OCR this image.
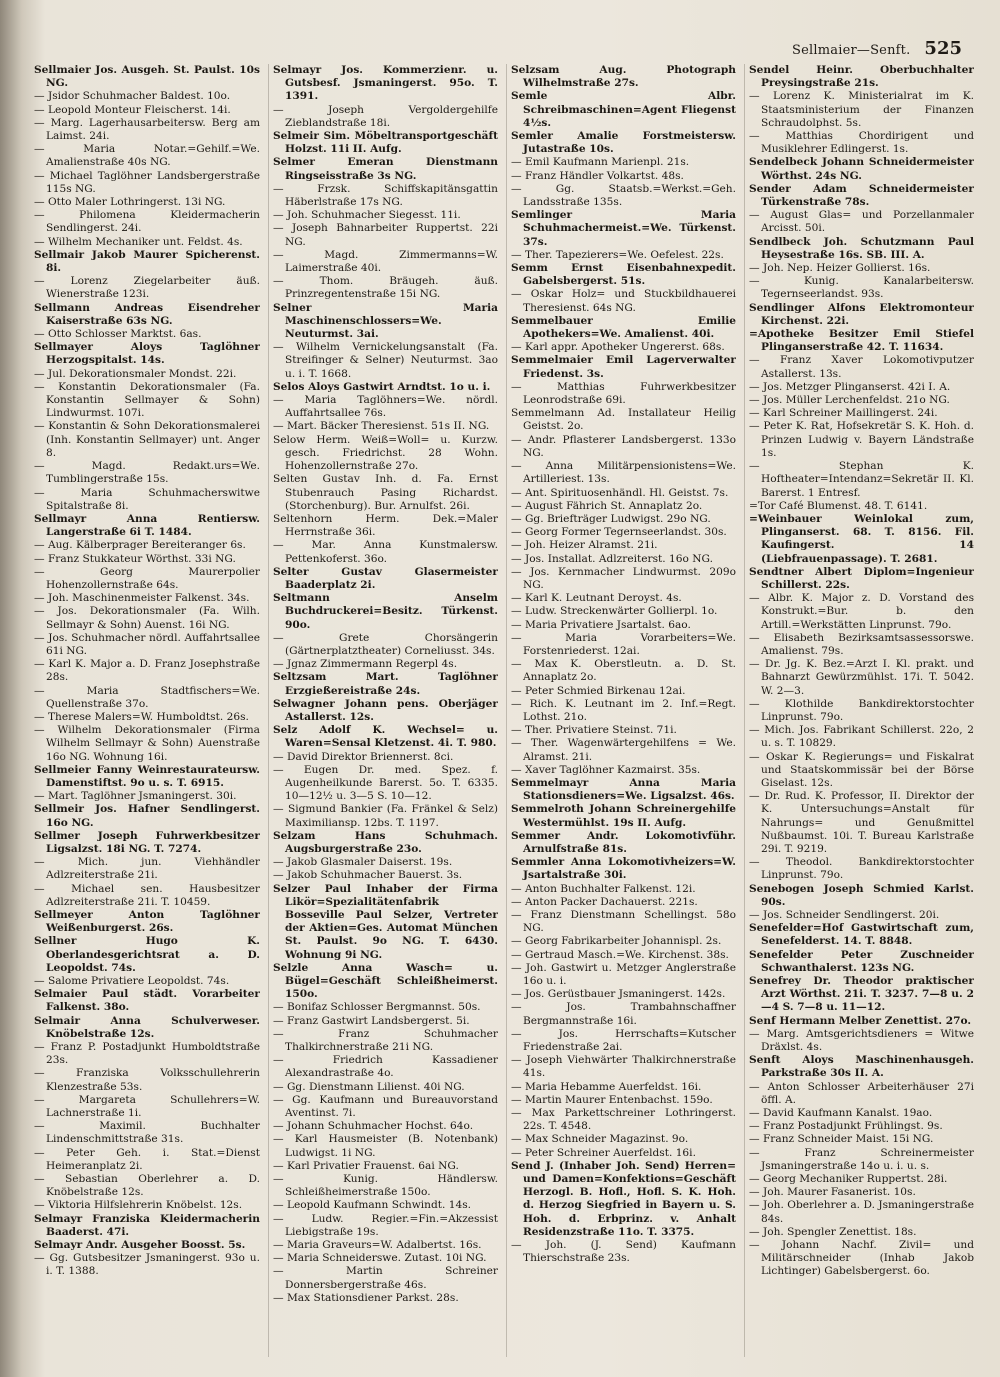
Sellmaier—Senft. 525

Sellmaier Jos. Ausgeh. St. Paulst. 10s NG.

— Jsidor Schuhmacher Baldest. 10o.

— Leopold Monteur Fleischerst. 14i.

— Marg. Lagerhausarbeitersw. Berg am Laimst. 24i.

— Maria Notar.=Gehilf.=We. Amalienstraße 40s NG.

— Michael Taglöhner Landsbergerstraße 115s NG.

— Otto Maler Lothringerst. 13i NG.

— Philomena Kleidermacherin Sendlingerst. 24i.

— Wilhelm Mechaniker unt. Feldst. 4s.

Sellmair Jakob Maurer Spicherenst. 8i.

— Lorenz Ziegelarbeiter äuß. Wienerstraße 123i.

Sellmann Andreas Eisendreher Kaiserstraße 63s NG.

— Otto Schlosser Marktst. 6as.

Sellmayer Aloys Taglöhner Herzogspitalst. 14s.

— Jul. Dekorationsmaler Mondst. 22i.

— Konstantin Dekorationsmaler (Fa. Konstantin Sellmayer & Sohn) Lindwurmst. 107i.

— Konstantin & Sohn Dekorationsmalerei (Inh. Konstantin Sellmayer) unt. Anger 8.

— Magd. Redakt.urs=We. Tumblingerstraße 15s.

— Maria Schuhmacherswitwe Spitalstraße 8i.

Sellmayr Anna Rentiersw. Langerstraße 6i T. 1484.

— Aug. Kälberprager Bereiteranger 6s.

— Franz Stukkateur Wörthst. 33i NG.

— Georg Maurerpolier Hohenzollernstraße 64s.

— Joh. Maschinenmeister Falkenst. 34s.

— Jos. Dekorationsmaler (Fa. Wilh. Sellmayr & Sohn) Auenst. 16i NG.

— Jos. Schuhmacher nördl. Auffahrtsallee 61i NG.

— Karl K. Major a. D. Franz Josephstraße 28s.

— Maria Stadtfischers=We. Quellenstraße 37o.

— Therese Malers=W. Humboldtst. 26s.

— Wilhelm Dekorationsmaler (Firma Wilhelm Sellmayr & Sohn) Auenstraße 16o NG. Wohnung 16i.

Sellmeier Fanny Weinrestaurateursw. Damenstiftst. 9o u. s. T. 6915.

— Mart. Taglöhner Jsmaningerst. 30i.

Sellmeir Jos. Hafner Sendlingerst. 16o NG.

Sellmer Joseph Fuhrwerkbesitzer Ligsalzst. 18i NG. T. 7274.

— Mich. jun. Viehhändler Adlzreiterstraße 21i.

— Michael sen. Hausbesitzer Adlzreiterstraße 21i. T. 10459.

Sellmeyer Anton Taglöhner Weißenburgerst. 26s.

Sellner Hugo K. Oberlandesgerichtsrat a. D. Leopoldst. 74s.

— Salome Privatiere Leopoldst. 74s.

Selmaier Paul städt. Vorarbeiter Falkenst. 38o.

Selmair Anna Schulverweser. Knöbelstraße 12s.

— Franz P. Postadjunkt Humboldtstraße 23s.

— Franziska Volksschullehrerin Klenzestraße 53s.

— Margareta Schullehrers=W. Lachnerstraße 1i.

— Maximil. Buchhalter Lindenschmittstraße 31s.

— Peter Geh. i. Stat.=Dienst Heimeranplatz 2i.

— Sebastian Oberlehrer a. D. Knöbelstraße 12s.

— Viktoria Hilfslehrerin Knöbelst. 12s.

Selmayr Franziska Kleidermacherin Baaderst. 47i.

Selmayr Andr. Ausgeher Boosst. 5s.

— Gg. Gutsbesitzer Jsmaningerst. 93o u. i. T. 1388.

Selmayr Jos. Kommerzienr. u. Gutsbesf. Jsmaningerst. 95o. T. 1391.

— Joseph Vergoldergehilfe Zieblandstraße 18i.

Selmeir Sim. Möbeltransportgeschäft Holzst. 11i II. Aufg.

Selmer Emeran Dienstmann Ringseisstraße 3s NG.

— Frzsk. Schiffskapitänsgattin Häberlstraße 17s NG.

— Joh. Schuhmacher Siegesst. 11i.

— Joseph Bahnarbeiter Ruppertst. 22i NG.

— Magd. Zimmermanns=W. Laimerstraße 40i.

— Thom. Bräugeh. äuß. Prinzregentenstraße 15i NG.

Selner Maria Maschinenschlossers=We. Neuturmst. 3ai.

— Wilhelm Vernickelungsanstalt (Fa. Streifinger & Selner) Neuturmst. 3ao u. i. T. 1668.

Selos Aloys Gastwirt Arndtst. 1o u. i.

— Maria Taglöhners=We. nördl. Auffahrtsallee 76s.

— Mart. Bäcker Theresienst. 51s II. NG.

Selow Herm. Weiß=Woll= u. Kurzw. gesch. Friedrichst. 28 Wohn. Hohenzollernstraße 27o.

Selten Gustav Inh. d. Fa. Ernst Stubenrauch Pasing Richardst. (Storchenburg). Bur. Arnulfst. 26i.

Seltenhorn Herm. Dek.=Maler Herrnstraße 36i.

— Mar. Anna Kunstmalersw. Pettenkoferst. 36o.

Selter Gustav Glasermeister Baaderplatz 2i.

Seltmann Anselm Buchdruckerei=Besitz. Türkenst. 90o.

— Grete Chorsängerin (Gärtnerplatztheater) Corneliusst. 34s.

— Jgnaz Zimmermann Regerpl 4s.

Seltzsam Mart. Taglöhner Erzgießereistraße 24s.

Selwagner Johann pens. Oberjäger Astallerst. 12s.

Selz Adolf K. Wechsel= u. Waren=Sensal Kletzenst. 4i. T. 980.

— David Direktor Briennerst. 8ci.

— Eugen Dr. med. Spez. f. Augenheilkunde Barerst. 5o. T. 6335. 10—12½ u. 3—5 S. 10—12.

— Sigmund Bankier (Fa. Fränkel & Selz) Maximiliansp. 12bs. T. 1197.

Selzam Hans Schuhmach. Augsburgerstraße 23o.

— Jakob Glasmaler Daiserst. 19s.

— Jakob Schuhmacher Bauerst. 3s.

Selzer Paul Inhaber der Firma Likör=Spezialitätenfabrik Bosseville Paul Selzer, Vertreter der Aktien=Ges. Automat München St. Paulst. 9o NG. T. 6430. Wohnung 9i NG.

Selzle Anna Wasch= u. Bügel=Geschäft Schleißheimerst. 150o.

— Bonifaz Schlosser Bergmannst. 50s.

— Franz Gastwirt Landsbergerst. 5i.

— Franz Schuhmacher Thalkirchnerstraße 21i NG.

— Friedrich Kassadiener Alexandrastraße 4o.

— Gg. Dienstmann Lilienst. 40i NG.

— Gg. Kaufmann und Bureauvorstand Aventinst. 7i.

— Johann Schuhmacher Hochst. 64o.

— Karl Hausmeister (B. Notenbank) Ludwigst. 1i NG.

— Karl Privatier Frauenst. 6ai NG.

— Kunig. Händlersw. Schleißheimerstraße 150o.

— Leopold Kaufmann Schwindt. 14s.

— Ludw. Regier.=Fin.=Akzessist Liebigstraße 19s.

— Maria Graveurs=W. Adalbertst. 16s.

— Maria Schneiderswe. Zutast. 10i NG.

— Martin Schreiner Donnersbergerstraße 46s.

— Max Stationsdiener Parkst. 28s.

Selzsam Aug. Photograph Wilhelmstraße 27s.

Semle Albr. Schreibmaschinen=Agent Fliegenst 4½s.

Semler Amalie Forstmeistersw. Jutastraße 10s.

— Emil Kaufmann Marienpl. 21s.

— Franz Händler Volkartst. 48s.

— Gg. Staatsb.=Werkst.=Geh. Landsstraße 135s.

Semlinger Maria Schuhmachermeist.=We. Türkenst. 37s.

— Ther. Tapezierers=We. Oefelest. 22s.

Semm Ernst Eisenbahnexpedit. Gabelsbergerst. 51s.

— Oskar Holz= und Stuckbildhauerei Theresienst. 64s NG.

Semmelbauer Emilie Apothekers=We. Amalienst. 40i.

— Karl appr. Apotheker Ungererst. 68s.

Semmelmaier Emil Lagerverwalter Friedenst. 3s.

— Matthias Fuhrwerkbesitzer Leonrodstraße 69i.

Semmelmann Ad. Installateur Heilig Geistst. 2o.

— Andr. Pflasterer Landsbergerst. 133o NG.

— Anna Militärpensionistens=We. Artilleriest. 13s.

— Ant. Spirituosenhändl. Hl. Geistst. 7s.

— August Fährich St. Annaplatz 2o.

— Gg. Briefträger Ludwigst. 29o NG.

— Georg Former Tegernseerlandst. 30s.

— Joh. Heizer Alramst. 21i.

— Jos. Installat. Adlzreiterst. 16o NG.

— Jos. Kernmacher Lindwurmst. 209o NG.

— Karl K. Leutnant Deroyst. 4s.

— Ludw. Streckenwärter Gollierpl. 1o.

— Maria Privatiere Jsartalst. 6ao.

— Maria Vorarbeiters=We. Forstenriederst. 12ai.

— Max K. Oberstleutn. a. D. St. Annaplatz 2o.

— Peter Schmied Birkenau 12ai.

— Rich. K. Leutnant im 2. Inf.=Regt. Lothst. 21o.

— Ther. Privatiere Steinst. 71i.

— Ther. Wagenwärtergehilfens = We. Alramst. 21i.

— Xaver Taglöhner Kazmairst. 35s.

Semmelmayr Anna Maria Stationsdieners=We. Ligsalzst. 46s.

Semmelroth Johann Schreinergehilfe Westermühlst. 19s II. Aufg.

Semmer Andr. Lokomotivführ. Arnulfstraße 81s.

Semmler Anna Lokomotivheizers=W. Jsartalstraße 30i.

— Anton Buchhalter Falkenst. 12i.

— Anton Packer Dachauerst. 221s.

— Franz Dienstmann Schellingst. 58o NG.

— Georg Fabrikarbeiter Johannispl. 2s.

— Gertraud Masch.=We. Kirchenst. 38s.

— Joh. Gastwirt u. Metzger Anglerstraße 16o u. i.

— Jos. Gerüstbauer Jsmaningerst. 142s.

— Jos. Trambahnschaffner Bergmannstraße 16i.

— Jos. Herrschafts=Kutscher Friedenstraße 2ai.

— Joseph Viehwärter Thalkirchnerstraße 41s.

— Maria Hebamme Auerfeldst. 16i.

— Martin Maurer Entenbachst. 159o.

— Max Parkettschreiner Lothringerst. 22s. T. 4548.

— Max Schneider Magazinst. 9o.

— Peter Schreiner Auerfeldst. 16i.

Send J. (Inhaber Joh. Send) Herren= und Damen=Konfektions=Geschäft Herzogl. B. Hofl., Hofl. S. K. Hoh. d. Herzog Siegfried in Bayern u. S. Hoh. d. Erbprinz. v. Anhalt Residenzstraße 11o. T. 3375.

— Joh. (J. Send) Kaufmann Thierschstraße 23s.

Sendel Heinr. Oberbuchhalter Preysingstraße 21s.

— Lorenz K. Ministerialrat im K. Staatsministerium der Finanzen Schraudolphst. 5s.

— Matthias Chordirigent und Musiklehrer Edlingerst. 1s.

Sendelbeck Johann Schneidermeister Wörthst. 24s NG.

Sender Adam Schneidermeister Türkenstraße 78s.

— August Glas= und Porzellanmaler Arcisst. 50i.

Sendlbeck Joh. Schutzmann Paul Heysestraße 16s. SB. III. A.

— Joh. Nep. Heizer Gollierst. 16s.

— Kunig. Kanalarbeitersw. Tegernseerlandst. 93s.

Sendlinger Alfons Elektromonteur Kirchenst. 22i.

=Apotheke Besitzer Emil Stiefel Plinganserstraße 42. T. 11634.

— Franz Xaver Lokomotivputzer Astallerst. 13s.

— Jos. Metzger Plinganserst. 42i I. A.

— Jos. Müller Lerchenfeldst. 21o NG.

— Karl Schreiner Maillingerst. 24i.

— Peter K. Rat, Hofsekretär S. K. Hoh. d. Prinzen Ludwig v. Bayern Ländstraße 1s.

— Stephan K. Hoftheater=Intendanz=Sekretär II. Kl. Barerst. 1 Entresf.

=Tor Café Blumenst. 48. T. 6141.

=Weinbauer Weinlokal zum, Plinganserst. 68. T. 8156. Fil. Kaufingerst. 14 (Liebfrauenpassage). T. 2681.

Sendtner Albert Diplom=Ingenieur Schillerst. 22s.

— Albr. K. Major z. D. Vorstand des Konstrukt.=Bur. b. den Artill.=Werkstätten Linprunst. 79o.

— Elisabeth Bezirksamtsassessorswe. Amalienst. 79s.

— Dr. Jg. K. Bez.=Arzt I. Kl. prakt. und Bahnarzt Gewürzmühlst. 17i. T. 5042. W. 2—3.

— Klothilde Bankdirektorstochter Linprunst. 79o.

— Mich. Jos. Fabrikant Schillerst. 22o, 2 u. s. T. 10829.

— Oskar K. Regierungs= und Fiskalrat und Staatskommissär bei der Börse Giselast. 12s.

— Dr. Rud. K. Professor, II. Direktor der K. Untersuchungs=Anstalt für Nahrungs= und Genußmittel Nußbaumst. 10i. T. Bureau Karlstraße 29i. T. 9219.

— Theodol. Bankdirektorstochter Linprunst. 79o.

Senebogen Joseph Schmied Karlst. 90s.

— Jos. Schneider Sendlingerst. 20i.

Senefelder=Hof Gastwirtschaft zum, Senefelderst. 14. T. 8848.

Senefelder Peter Zuschneider Schwanthalerst. 123s NG.

Senefrey Dr. Theodor praktischer Arzt Wörthst. 21i. T. 3237. 7—8 u. 2—4 S. 7—8 u. 11—12.

Senf Hermann Melber Zenettist. 27o.

— Marg. Amtsgerichtsdieners = Witwe Dräxlst. 4s.

Senft Aloys Maschinenhausgeh. Parkstraße 30s II. A.

— Anton Schlosser Arbeiterhäuser 27i öffl. A.

— David Kaufmann Kanalst. 19ao.

— Franz Postadjunkt Frühlingst. 9s.

— Franz Schneider Maist. 15i NG.

— Franz Schreinermeister Jsmaningerstraße 14o u. i. u. s.

— Georg Mechaniker Ruppertst. 28i.

— Joh. Maurer Fasanerist. 10s.

— Joh. Oberlehrer a. D. Jsmaningerstraße 84s.

— Joh. Spengler Zenettist. 18s.

— Johann Nachf. Zivil= und Militärschneider (Inhab Jakob Lichtinger) Gabelsbergerst. 6o.
